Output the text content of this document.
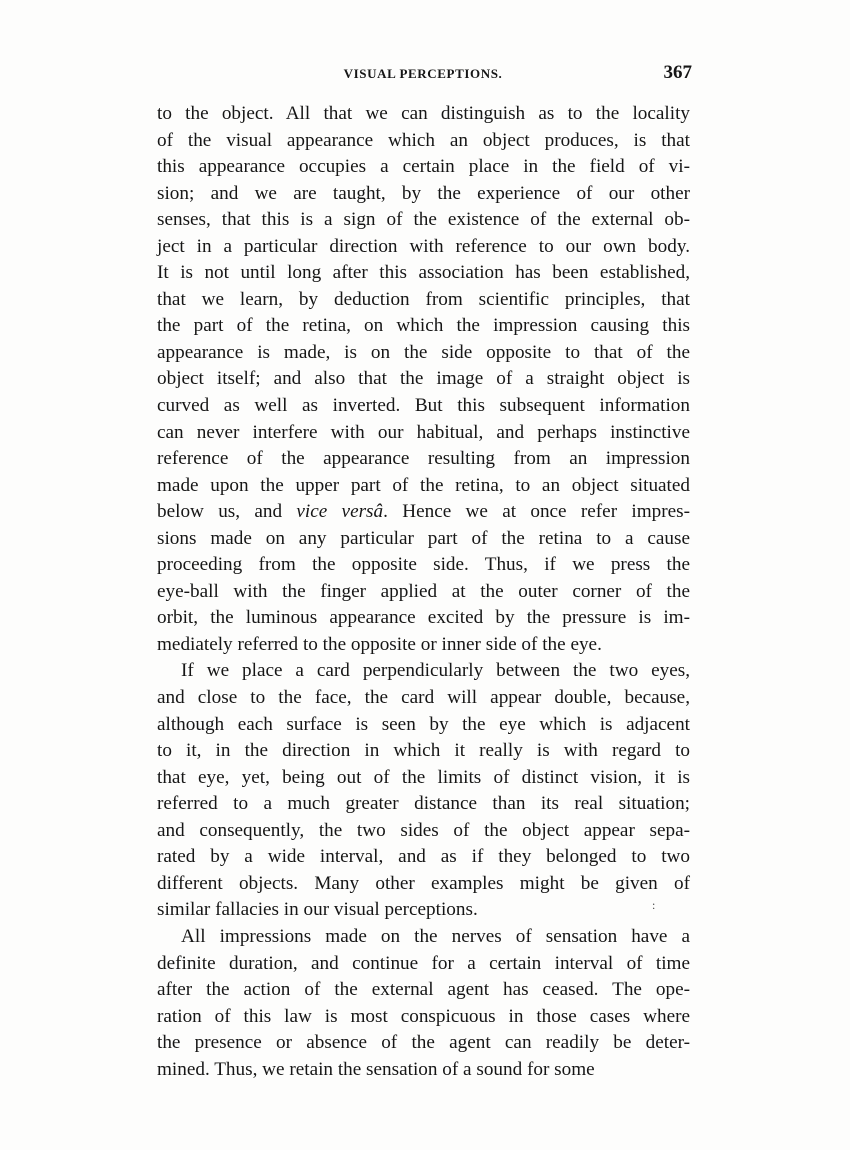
VISUAL PERCEPTIONS.	367
to the object. All that we can distinguish as to the locality
of the visual appearance which an object produces, is that
this appearance occupies a certain place in the field of vi-
sion; and we are taught, by the experience of our other
senses, that this is a sign of the existence of the external ob-
ject in a particular direction with reference to our own body.
It is not until long after this association has been established,
that we learn, by deduction from scientific principles, that
the part of the retina, on which the impression causing this
appearance is made, is on the side opposite to that of the
object itself; and also that the image of a straight object is
curved as well as inverted. But this subsequent information
can never interfere with our habitual, and perhaps instinctive
reference of the appearance resulting from an impression
made upon the upper part of the retina, to an object situated
below us, and vice versâ. Hence we at once refer impres-
sions made on any particular part of the retina to a cause
proceeding from the opposite side. Thus, if we press the
eye-ball with the finger applied at the outer corner of the
orbit, the luminous appearance excited by the pressure is im-
mediately referred to the opposite or inner side of the eye.
If we place a card perpendicularly between the two eyes,
and close to the face, the card will appear double, because,
although each surface is seen by the eye which is adjacent
to it, in the direction in which it really is with regard to
that eye, yet, being out of the limits of distinct vision, it is
referred to a much greater distance than its real situation;
and consequently, the two sides of the object appear sepa-
rated by a wide interval, and as if they belonged to two
different objects. Many other examples might be given of
similar fallacies in our visual perceptions.
All impressions made on the nerves of sensation have a
definite duration, and continue for a certain interval of time
after the action of the external agent has ceased. The ope-
ration of this law is most conspicuous in those cases where
the presence or absence of the agent can readily be deter-
mined. Thus, we retain the sensation of a sound for some
:
